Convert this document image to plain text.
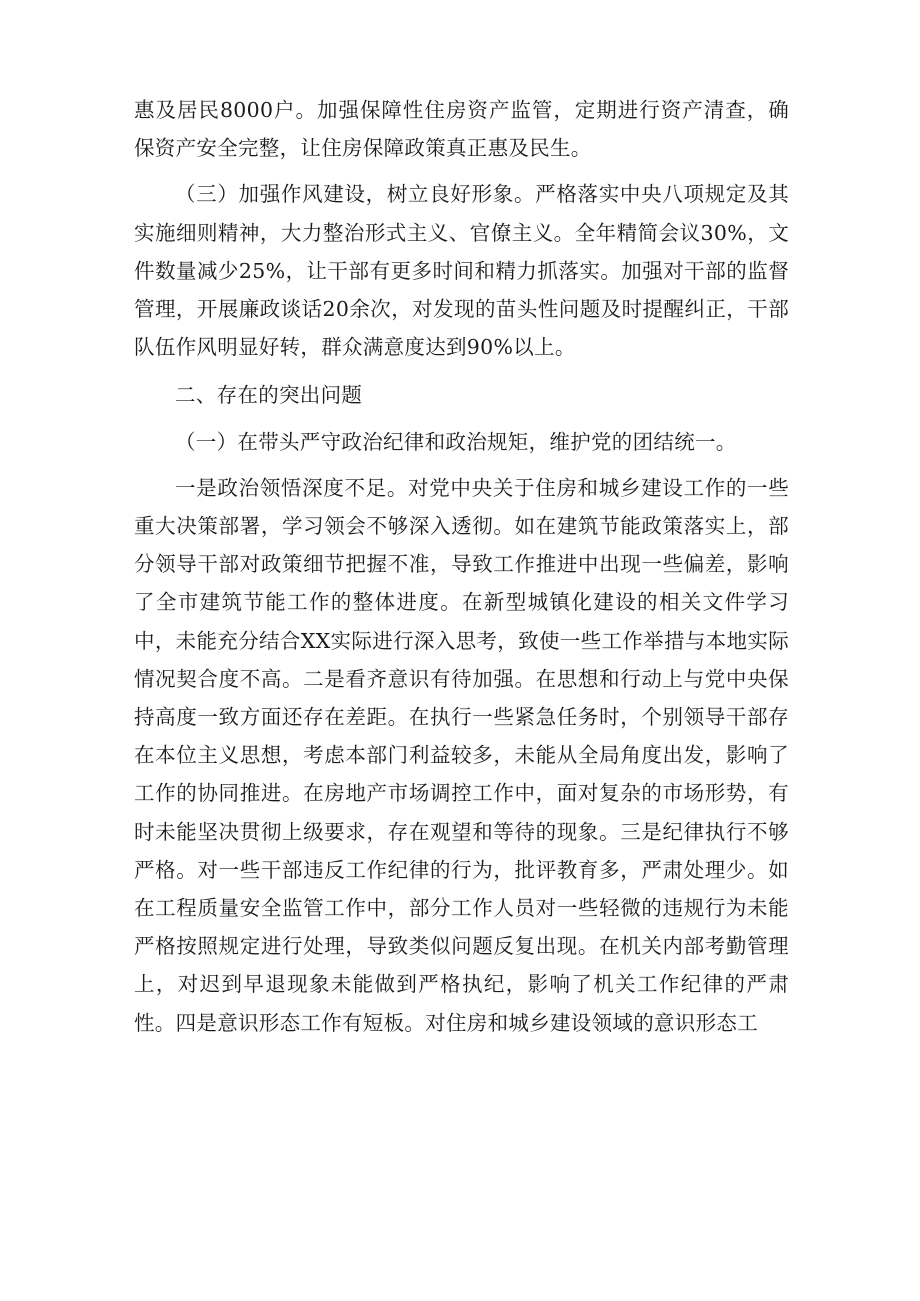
惠及居民8000户。加强保障性住房资产监管，定期进行资产清查，确保资产安全完整，让住房保障政策真正惠及民生。

（三）加强作风建设，树立良好形象。严格落实中央八项规定及其实施细则精神，大力整治形式主义、官僚主义。全年精简会议30%，文件数量减少25%，让干部有更多时间和精力抓落实。加强对干部的监督管理，开展廉政谈话20余次，对发现的苗头性问题及时提醒纠正，干部队伍作风明显好转，群众满意度达到90%以上。

二、存在的突出问题

（一）在带头严守政治纪律和政治规矩，维护党的团结统一。

一是政治领悟深度不足。对党中央关于住房和城乡建设工作的一些重大决策部署，学习领会不够深入透彻。如在建筑节能政策落实上，部分领导干部对政策细节把握不准，导致工作推进中出现一些偏差，影响了全市建筑节能工作的整体进度。在新型城镇化建设的相关文件学习中，未能充分结合XX实际进行深入思考，致使一些工作举措与本地实际情况契合度不高。二是看齐意识有待加强。在思想和行动上与党中央保持高度一致方面还存在差距。在执行一些紧急任务时，个别领导干部存在本位主义思想，考虑本部门利益较多，未能从全局角度出发，影响了工作的协同推进。在房地产市场调控工作中，面对复杂的市场形势，有时未能坚决贯彻上级要求，存在观望和等待的现象。三是纪律执行不够严格。对一些干部违反工作纪律的行为，批评教育多，严肃处理少。如在工程质量安全监管工作中，部分工作人员对一些轻微的违规行为未能严格按照规定进行处理，导致类似问题反复出现。在机关内部考勤管理上，对迟到早退现象未能做到严格执纪，影响了机关工作纪律的严肃性。四是意识形态工作有短板。对住房和城乡建设领域的意识形态工
